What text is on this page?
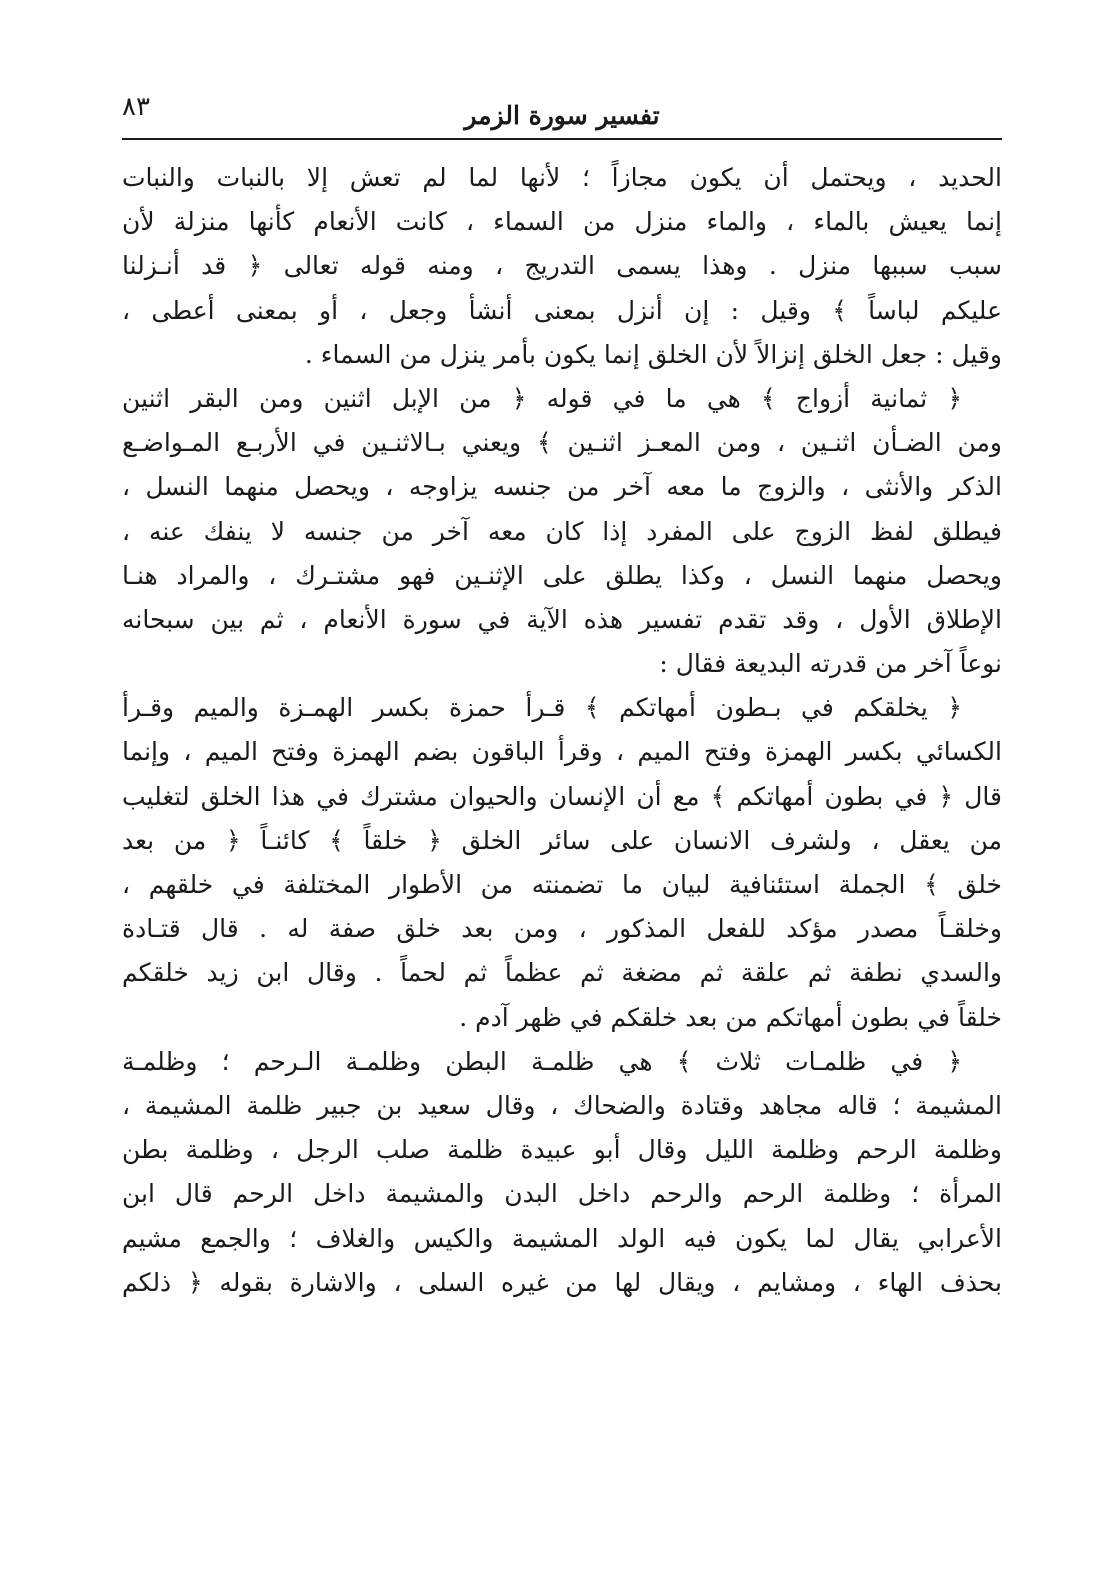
٨٣	تفسير سورة الزمر
الحديد ، ويحتمل أن يكون مجازاً ؛ لأنها لما لم تعش إلا بالنبات والنبات
إنما يعيش بالماء ، والماء منزل من السماء ، كانت الأنعام كأنها منزلة لأن
سبب سببها منزل . وهذا يسمى التدريج ، ومنه قوله تعالى ﴿ قد أنـزلنا
عليكم لباساً ﴾ وقيل : إن أنزل بمعنى أنشأ وجعل ، أو بمعنى أعطى ،
وقيل : جعل الخلق إنزالاً لأن الخلق إنما يكون بأمر ينزل من السماء .
﴿ ثمانية أزواج ﴾ هي ما في قوله ﴿ من الإبل اثنين ومن البقر اثنين
ومن الضـأن اثنـين ، ومن المعـز اثنـين ﴾ ويعني بـالاثنـين في الأربـع المـواضـع
الذكر والأنثى ، والزوج ما معه آخر من جنسه يزاوجه ، ويحصل منهما النسل ،
فيطلق لفظ الزوج على المفرد إذا كان معه آخر من جنسه لا ينفك عنه ،
ويحصل منهما النسل ، وكذا يطلق على الإثنـين فهو مشتـرك ، والمراد هنـا
الإطلاق الأول ، وقد تقدم تفسير هذه الآية في سورة الأنعام ، ثم بين سبحانه
نوعاً آخر من قدرته البديعة فقال :
﴿ يخلقكم في بـطون أمهاتكم ﴾ قـرأ حمزة بكسر الهمـزة والميم وقـرأ
الكسائي بكسر الهمزة وفتح الميم ، وقرأ الباقون بضم الهمزة وفتح الميم ، وإنما
قال ﴿ في بطون أمهاتكم ﴾ مع أن الإنسان والحيوان مشترك في هذا الخلق لتغليب
من يعقل ، ولشرف الانسان على سائر الخلق ﴿ خلقاً ﴾ كائنـاً ﴿ من بعد
خلق ﴾ الجملة استئنافية لبيان ما تضمنته من الأطوار المختلفة في خلقهم ،
وخلقـاً مصدر مؤكد للفعل المذكور ، ومن بعد خلق صفة له . قال قتـادة
والسدي نطفة ثم علقة ثم مضغة ثم عظماً ثم لحماً . وقال ابن زيد خلقكم
خلقاً في بطون أمهاتكم من بعد خلقكم في ظهر آدم .
﴿ في ظلمـات ثلاث ﴾ هي ظلمـة البطن وظلمـة الـرحم ؛ وظلمـة
المشيمة ؛ قاله مجاهد وقتادة والضحاك ، وقال سعيد بن جبير ظلمة المشيمة ،
وظلمة الرحم وظلمة الليل وقال أبو عبيدة ظلمة صلب الرجل ، وظلمة بطن
المرأة ؛ وظلمة الرحم والرحم داخل البدن والمشيمة داخل الرحم قال ابن
الأعرابي يقال لما يكون فيه الولد المشيمة والكيس والغلاف ؛ والجمع مشيم
بحذف الهاء ، ومشايم ، ويقال لها من غيره السلى ، والاشارة بقوله ﴿ ذلكم
